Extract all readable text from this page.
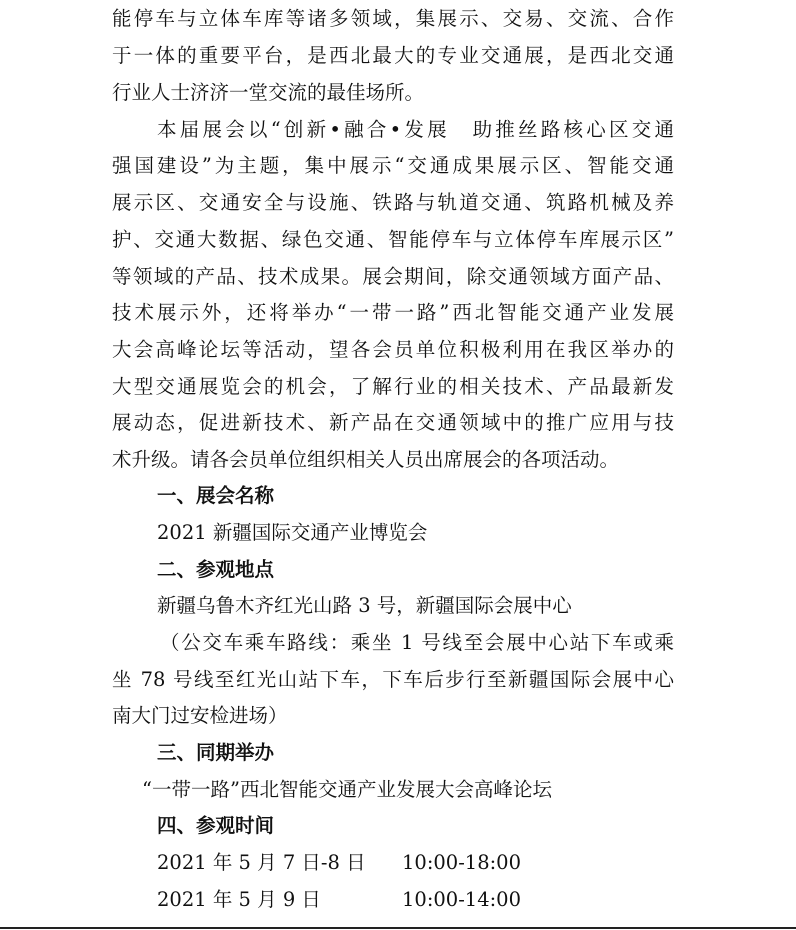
能停车与立体车库等诸多领域，集展示、交易、交流、合作
于一体的重要平台，是西北最大的专业交通展，是西北交通
行业人士济济一堂交流的最佳场所。
本届展会以“创新•融合•发展　助推丝路核心区交通
强国建设”为主题，集中展示“交通成果展示区、智能交通
展示区、交通安全与设施、铁路与轨道交通、筑路机械及养
护、交通大数据、绿色交通、智能停车与立体停车库展示区”
等领域的产品、技术成果。展会期间，除交通领域方面产品、
技术展示外，还将举办“一带一路”西北智能交通产业发展
大会高峰论坛等活动，望各会员单位积极利用在我区举办的
大型交通展览会的机会，了解行业的相关技术、产品最新发
展动态，促进新技术、新产品在交通领域中的推广应用与技
术升级。请各会员单位组织相关人员出席展会的各项活动。
一、展会名称
2021 新疆国际交通产业博览会
二、参观地点
新疆乌鲁木齐红光山路 3 号，新疆国际会展中心
（公交车乘车路线：乘坐 1 号线至会展中心站下车或乘
坐 78 号线至红光山站下车，下车后步行至新疆国际会展中心
南大门过安检进场）
三、同期举办
“一带一路”西北智能交通产业发展大会高峰论坛
四、参观时间
2021 年 5 月 7 日-8 日 10:00-18:00
2021 年 5 月 9 日	10:00-14:00
